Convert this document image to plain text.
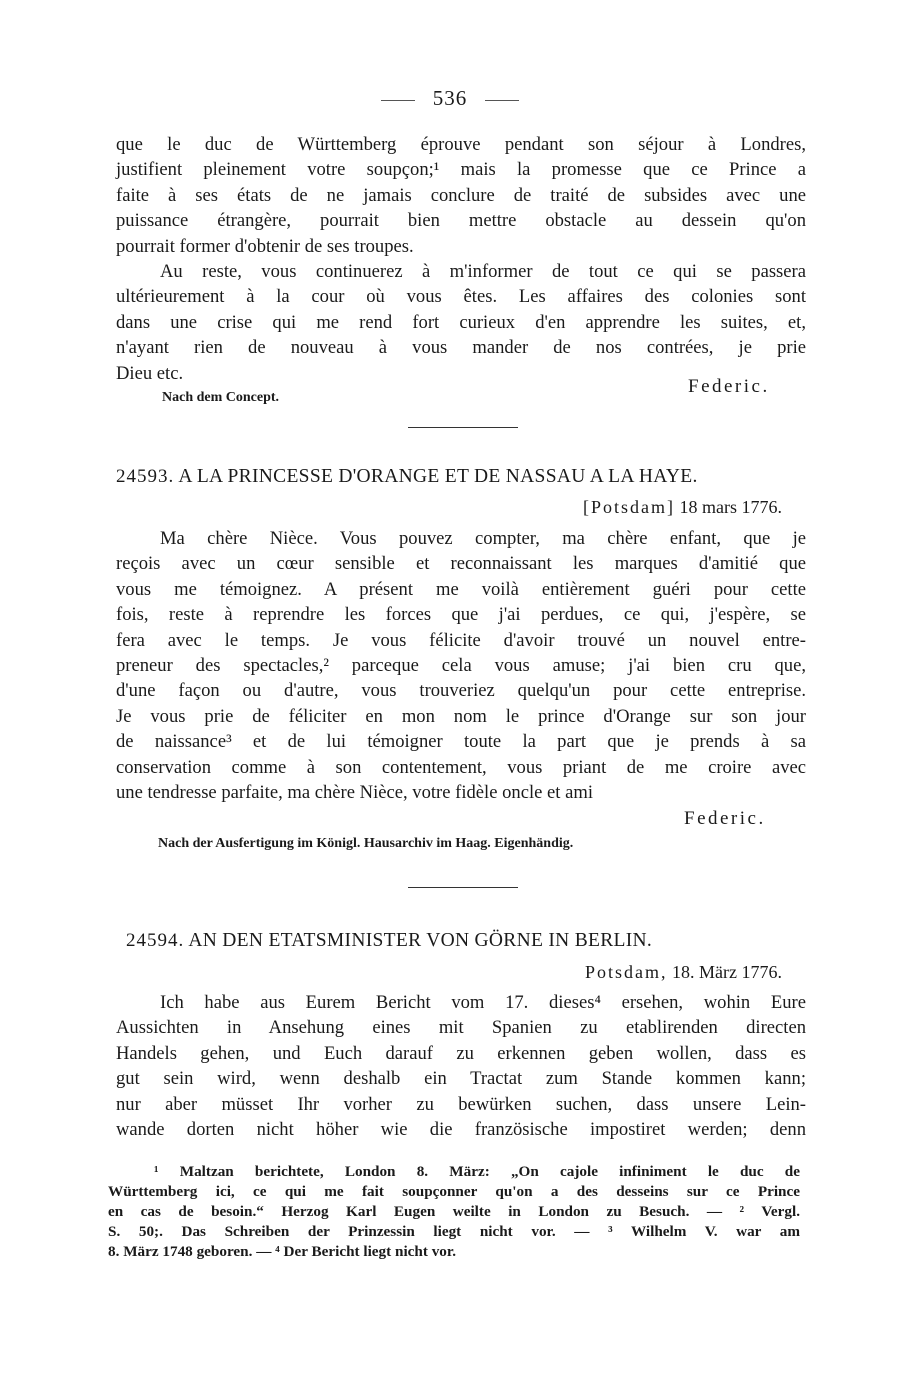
536
que le duc de Württemberg éprouve pendant son séjour à Londres,
justifient pleinement votre soupçon;¹ mais la promesse que ce Prince a
faite à ses états de ne jamais conclure de traité de subsides avec une
puissance étrangère, pourrait bien mettre obstacle au dessein qu'on
pourrait former d'obtenir de ses troupes.
Au reste, vous continuerez à m'informer de tout ce qui se passera
ultérieurement à la cour où vous êtes. Les affaires des colonies sont
dans une crise qui me rend fort curieux d'en apprendre les suites, et,
n'ayant rien de nouveau à vous mander de nos contrées, je prie
Dieu etc.
Federic.
Nach dem Concept.
24593. A LA PRINCESSE D'ORANGE ET DE NASSAU A LA HAYE.
[Potsdam] 18 mars 1776.
Ma chère Nièce. Vous pouvez compter, ma chère enfant, que je
reçois avec un cœur sensible et reconnaissant les marques d'amitié que
vous me témoignez. A présent me voilà entièrement guéri pour cette
fois, reste à reprendre les forces que j'ai perdues, ce qui, j'espère, se
fera avec le temps. Je vous félicite d'avoir trouvé un nouvel entre-
preneur des spectacles,² parceque cela vous amuse; j'ai bien cru que,
d'une façon ou d'autre, vous trouveriez quelqu'un pour cette entreprise.
Je vous prie de féliciter en mon nom le prince d'Orange sur son jour
de naissance³ et de lui témoigner toute la part que je prends à sa
conservation comme à son contentement, vous priant de me croire avec
une tendresse parfaite, ma chère Nièce, votre fidèle oncle et ami
Federic.
Nach der Ausfertigung im Königl. Hausarchiv im Haag. Eigenhändig.
24594. AN DEN ETATSMINISTER VON GÖRNE IN BERLIN.
Potsdam, 18. März 1776.
Ich habe aus Eurem Bericht vom 17. dieses⁴ ersehen, wohin Eure
Aussichten in Ansehung eines mit Spanien zu etablirenden directen
Handels gehen, und Euch darauf zu erkennen geben wollen, dass es
gut sein wird, wenn deshalb ein Tractat zum Stande kommen kann;
nur aber müsset Ihr vorher zu bewürken suchen, dass unsere Lein-
wande dorten nicht höher wie die französische impostiret werden; denn
¹ Maltzan berichtete, London 8. März: „On cajole infiniment le duc de
Württemberg ici, ce qui me fait soupçonner qu'on a des desseins sur ce Prince
en cas de besoin.“ Herzog Karl Eugen weilte in London zu Besuch. — ² Vergl.
S. 50;. Das Schreiben der Prinzessin liegt nicht vor. — ³ Wilhelm V. war am
8. März 1748 geboren. — ⁴ Der Bericht liegt nicht vor.
